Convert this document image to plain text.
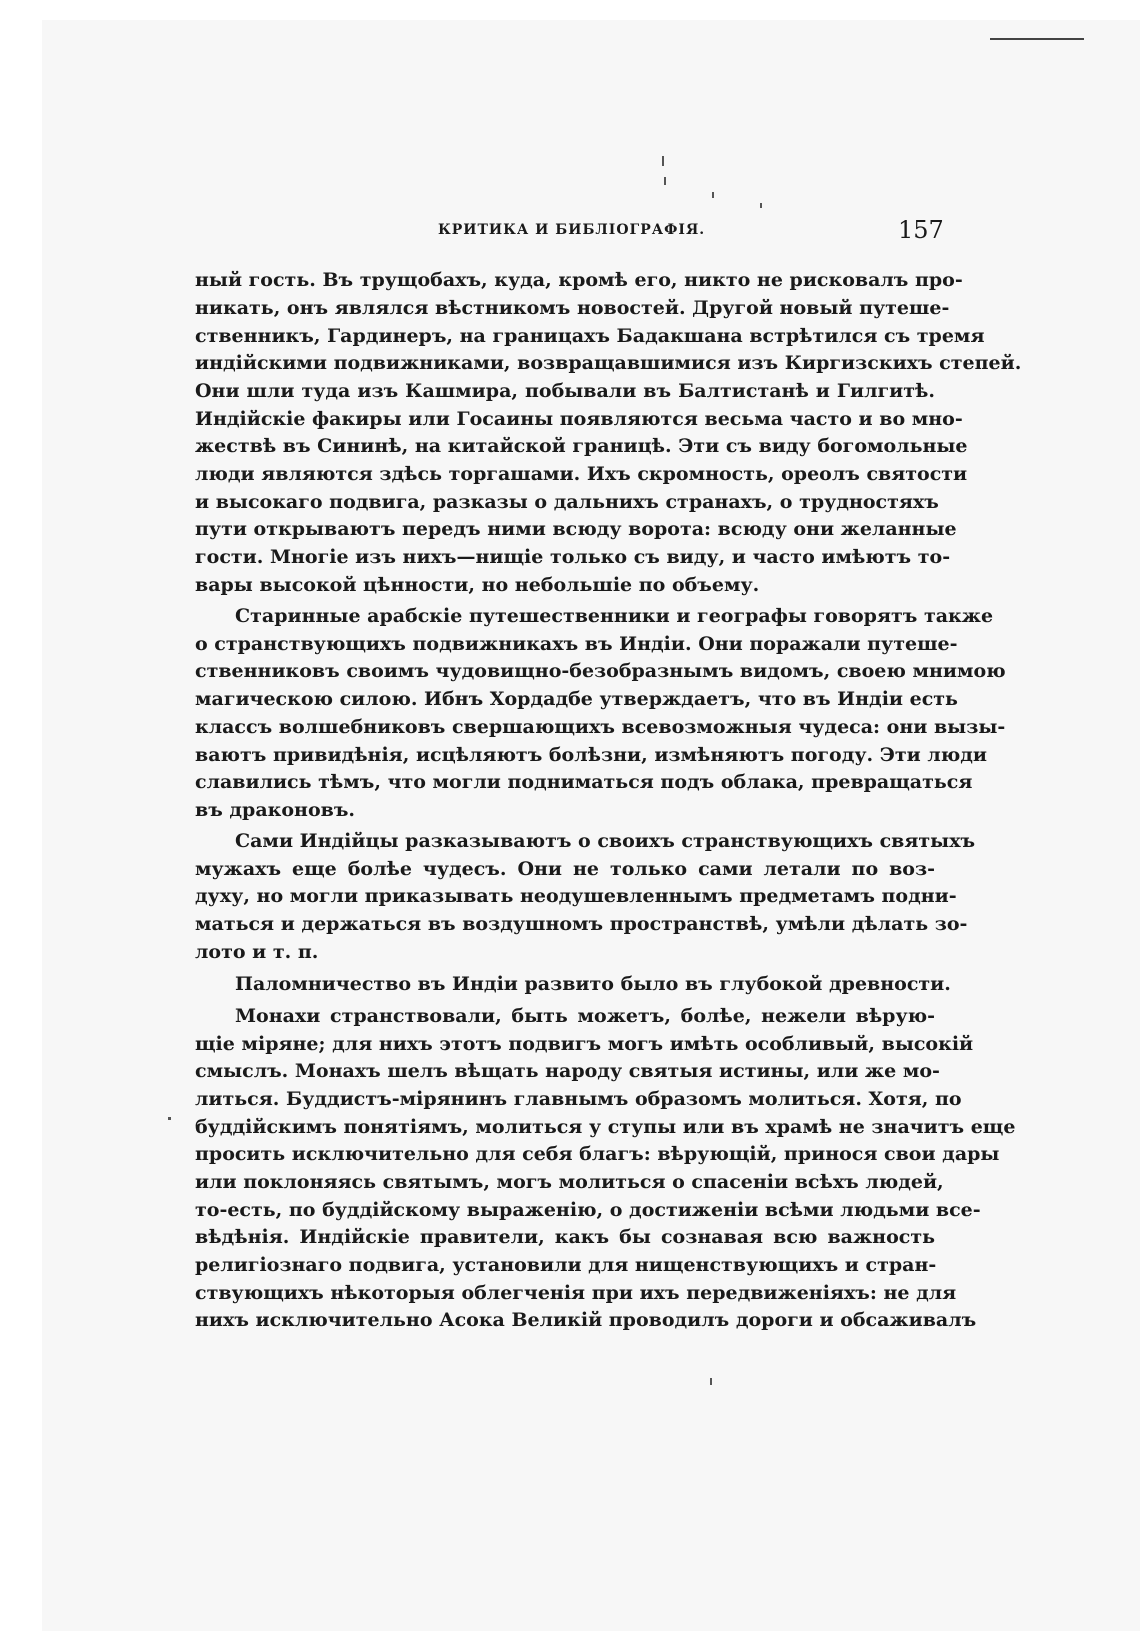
КРИТИКА И БИБЛІОГРАФІЯ.	157
ный гость. Въ трущобахъ, куда, кромѣ его, никто не рисковалъ про-
никать, онъ являлся вѣстникомъ новостей. Другой новый путеше-
ственникъ, Гардинеръ, на границахъ Бадакшана встрѣтился съ тремя
индійскими подвижниками, возвращавшимися изъ Киргизскихъ степей.
Они шли туда изъ Кашмира, побывали въ Балтистанѣ и Гилгитѣ.
Индійскіе факиры или Госаины появляются весьма часто и во мно-
жествѣ въ Сининѣ, на китайской границѣ. Эти съ виду богомольные
люди являются здѣсь торгашами. Ихъ скромность, ореолъ святости
и высокаго подвига, разказы о дальнихъ странахъ, о трудностяхъ
пути открываютъ передъ ними всюду ворота: всюду они желанные
гости. Многіе изъ нихъ—нищіе только съ виду, и часто имѣютъ то-
вары высокой цѣнности, но небольшіе по объему.
Старинные арабскіе путешественники и географы говорятъ также
о странствующихъ подвижникахъ въ Индіи. Они поражали путеше-
ственниковъ своимъ чудовищно-безобразнымъ видомъ, своею мнимою
магическою силою. Ибнъ Хордадбе утверждаетъ, что въ Индіи есть
классъ волшебниковъ свершающихъ всевозможныя чудеса: они вызы-
ваютъ привидѣнія, исцѣляютъ болѣзни, измѣняютъ погоду. Эти люди
славились тѣмъ, что могли подниматься подъ облака, превращаться
въ драконовъ.
Сами Индійцы разказываютъ о своихъ странствующихъ святыхъ
мужахъ еще болѣе чудесъ. Они не только сами летали по воз-
духу, но могли приказывать неодушевленнымъ предметамъ подни-
маться и держаться въ воздушномъ пространствѣ, умѣли дѣлать зо-
лото и т. п.
Паломничество въ Индіи развито было въ глубокой древности.
Монахи странствовали, быть можетъ, болѣе, нежели вѣрую-
щіе міряне; для нихъ этотъ подвигъ могъ имѣть особливый, высокій
смыслъ. Монахъ шелъ вѣщать народу святыя истины, или же мо-
литься. Буддистъ-мірянинъ главнымъ образомъ молиться. Хотя, по
буддійскимъ понятіямъ, молиться у ступы или въ храмѣ не значитъ еще
просить исключительно для себя благъ: вѣрующій, принося свои дары
или поклоняясь святымъ, могъ молиться о спасеніи всѣхъ людей,
то-есть, по буддійскому выраженію, о достиженіи всѣми людьми все-
вѣдѣнія. Индійскіе правители, какъ бы сознавая всю важность
религіознаго подвига, установили для нищенствующихъ и стран-
ствующихъ нѣкоторыя облегченія при ихъ передвиженіяхъ: не для
нихъ исключительно Асока Великій проводилъ дороги и обсаживалъ
